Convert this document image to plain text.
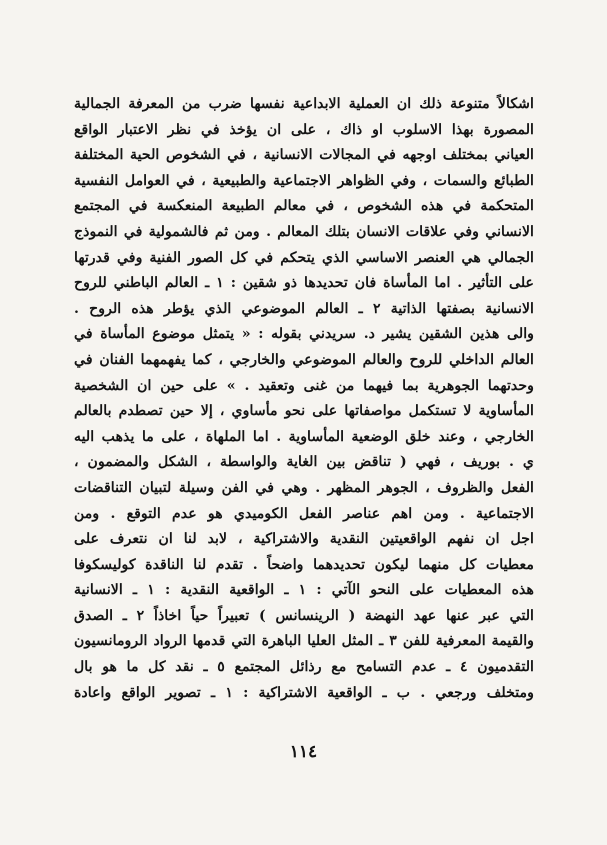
اشكالاً متنوعة ذلك ان العملية الابداعية نفسها ضرب من المعرفة الجمالية
المصورة بهذا الاسلوب او ذاك ، على ان يؤخذ في نظر الاعتبار الواقع
العياني بمختلف اوجهه في المجالات الانسانية ، في الشخوص الحية المختلفة
الطبائع والسمات ، وفي الظواهر الاجتماعية والطبيعية ، في العوامل النفسية
المتحكمة في هذه الشخوص ، في معالم الطبيعة المنعكسة في المجتمع
الانساني وفي علاقات الانسان بتلك المعالم . ومن ثم فالشمولية في النموذج
الجمالي هي العنصر الاساسي الذي يتحكم في كل الصور الفنية وفي قدرتها
على التأثير . اما المأساة فان تحديدها ذو شقين : ١ ـ العالم الباطني للروح
الانسانية بصفتها الذاتية ٢ ـ العالم الموضوعي الذي يؤطر هذه الروح .
والى هذين الشقين يشير د. سريدني بقوله : « يتمثل موضوع المأساة في
العالم الداخلي للروح والعالم الموضوعي والخارجي ، كما يفهمهما الفنان في
وحدتهما الجوهرية بما فيهما من غنى وتعقيد . » على حين ان الشخصية
المأساوية لا تستكمل مواصفاتها على نحو مأساوي ، إلا حين تصطدم بالعالم
الخارجي ، وعند خلق الوضعية المأساوية . اما الملهاة ، على ما يذهب اليه
ي . بوريف ، فهي ( تناقض بين الغاية والواسطة ، الشكل والمضمون ،
الفعل والظروف ، الجوهر المظهر . وهي في الفن وسيلة لتبيان التناقضات
الاجتماعية . ومن اهم عناصر الفعل الكوميدي هو عدم التوقع . ومن
اجل ان نفهم الواقعيتين النقدية والاشتراكية ، لابد لنا ان نتعرف على
معطيات كل منهما ليكون تحديدهما واضحاً . تقدم لنا الناقدة كوليسكوفا
هذه المعطيات على النحو الآتي : ١ ـ الواقعية النقدية : ١ ـ الانسانية
التي عبر عنها عهد النهضة ( الرينسانس ) تعبيراً حياً اخاذاً ٢ ـ الصدق
والقيمة المعرفية للفن ٣ ـ المثل العليا الباهرة التي قدمها الرواد الرومانسيون
التقدميون ٤ ـ عدم التسامح مع رذائل المجتمع ٥ ـ نقد كل ما هو بال
ومتخلف ورجعي . ب ـ الواقعية الاشتراكية : ١ ـ تصوير الواقع واعادة
١١٤
